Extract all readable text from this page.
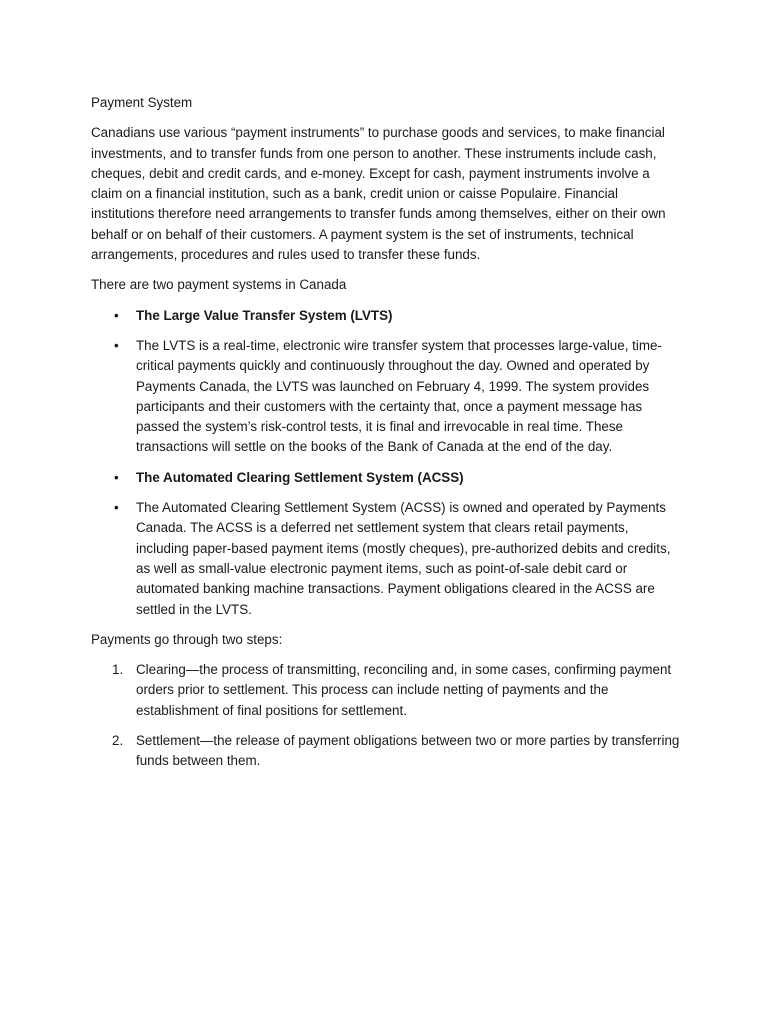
Payment System

Canadians use various “payment instruments” to purchase goods and services, to make financial investments, and to transfer funds from one person to another. These instruments include cash, cheques, debit and credit cards, and e-money. Except for cash, payment instruments involve a claim on a financial institution, such as a bank, credit union or caisse Populaire. Financial institutions therefore need arrangements to transfer funds among themselves, either on their own behalf or on behalf of their customers. A payment system is the set of instruments, technical arrangements, procedures and rules used to transfer these funds.

There are two payment systems in Canada

• The Large Value Transfer System (LVTS)
• The LVTS is a real-time, electronic wire transfer system that processes large-value, time-critical payments quickly and continuously throughout the day. Owned and operated by Payments Canada, the LVTS was launched on February 4, 1999. The system provides participants and their customers with the certainty that, once a payment message has passed the system’s risk-control tests, it is final and irrevocable in real time. These transactions will settle on the books of the Bank of Canada at the end of the day.
• The Automated Clearing Settlement System (ACSS)
• The Automated Clearing Settlement System (ACSS) is owned and operated by Payments Canada. The ACSS is a deferred net settlement system that clears retail payments, including paper-based payment items (mostly cheques), pre-authorized debits and credits, as well as small-value electronic payment items, such as point-of-sale debit card or automated banking machine transactions. Payment obligations cleared in the ACSS are settled in the LVTS.

Payments go through two steps:

1. Clearing—the process of transmitting, reconciling and, in some cases, confirming payment orders prior to settlement. This process can include netting of payments and the establishment of final positions for settlement.
2. Settlement—the release of payment obligations between two or more parties by transferring funds between them.
